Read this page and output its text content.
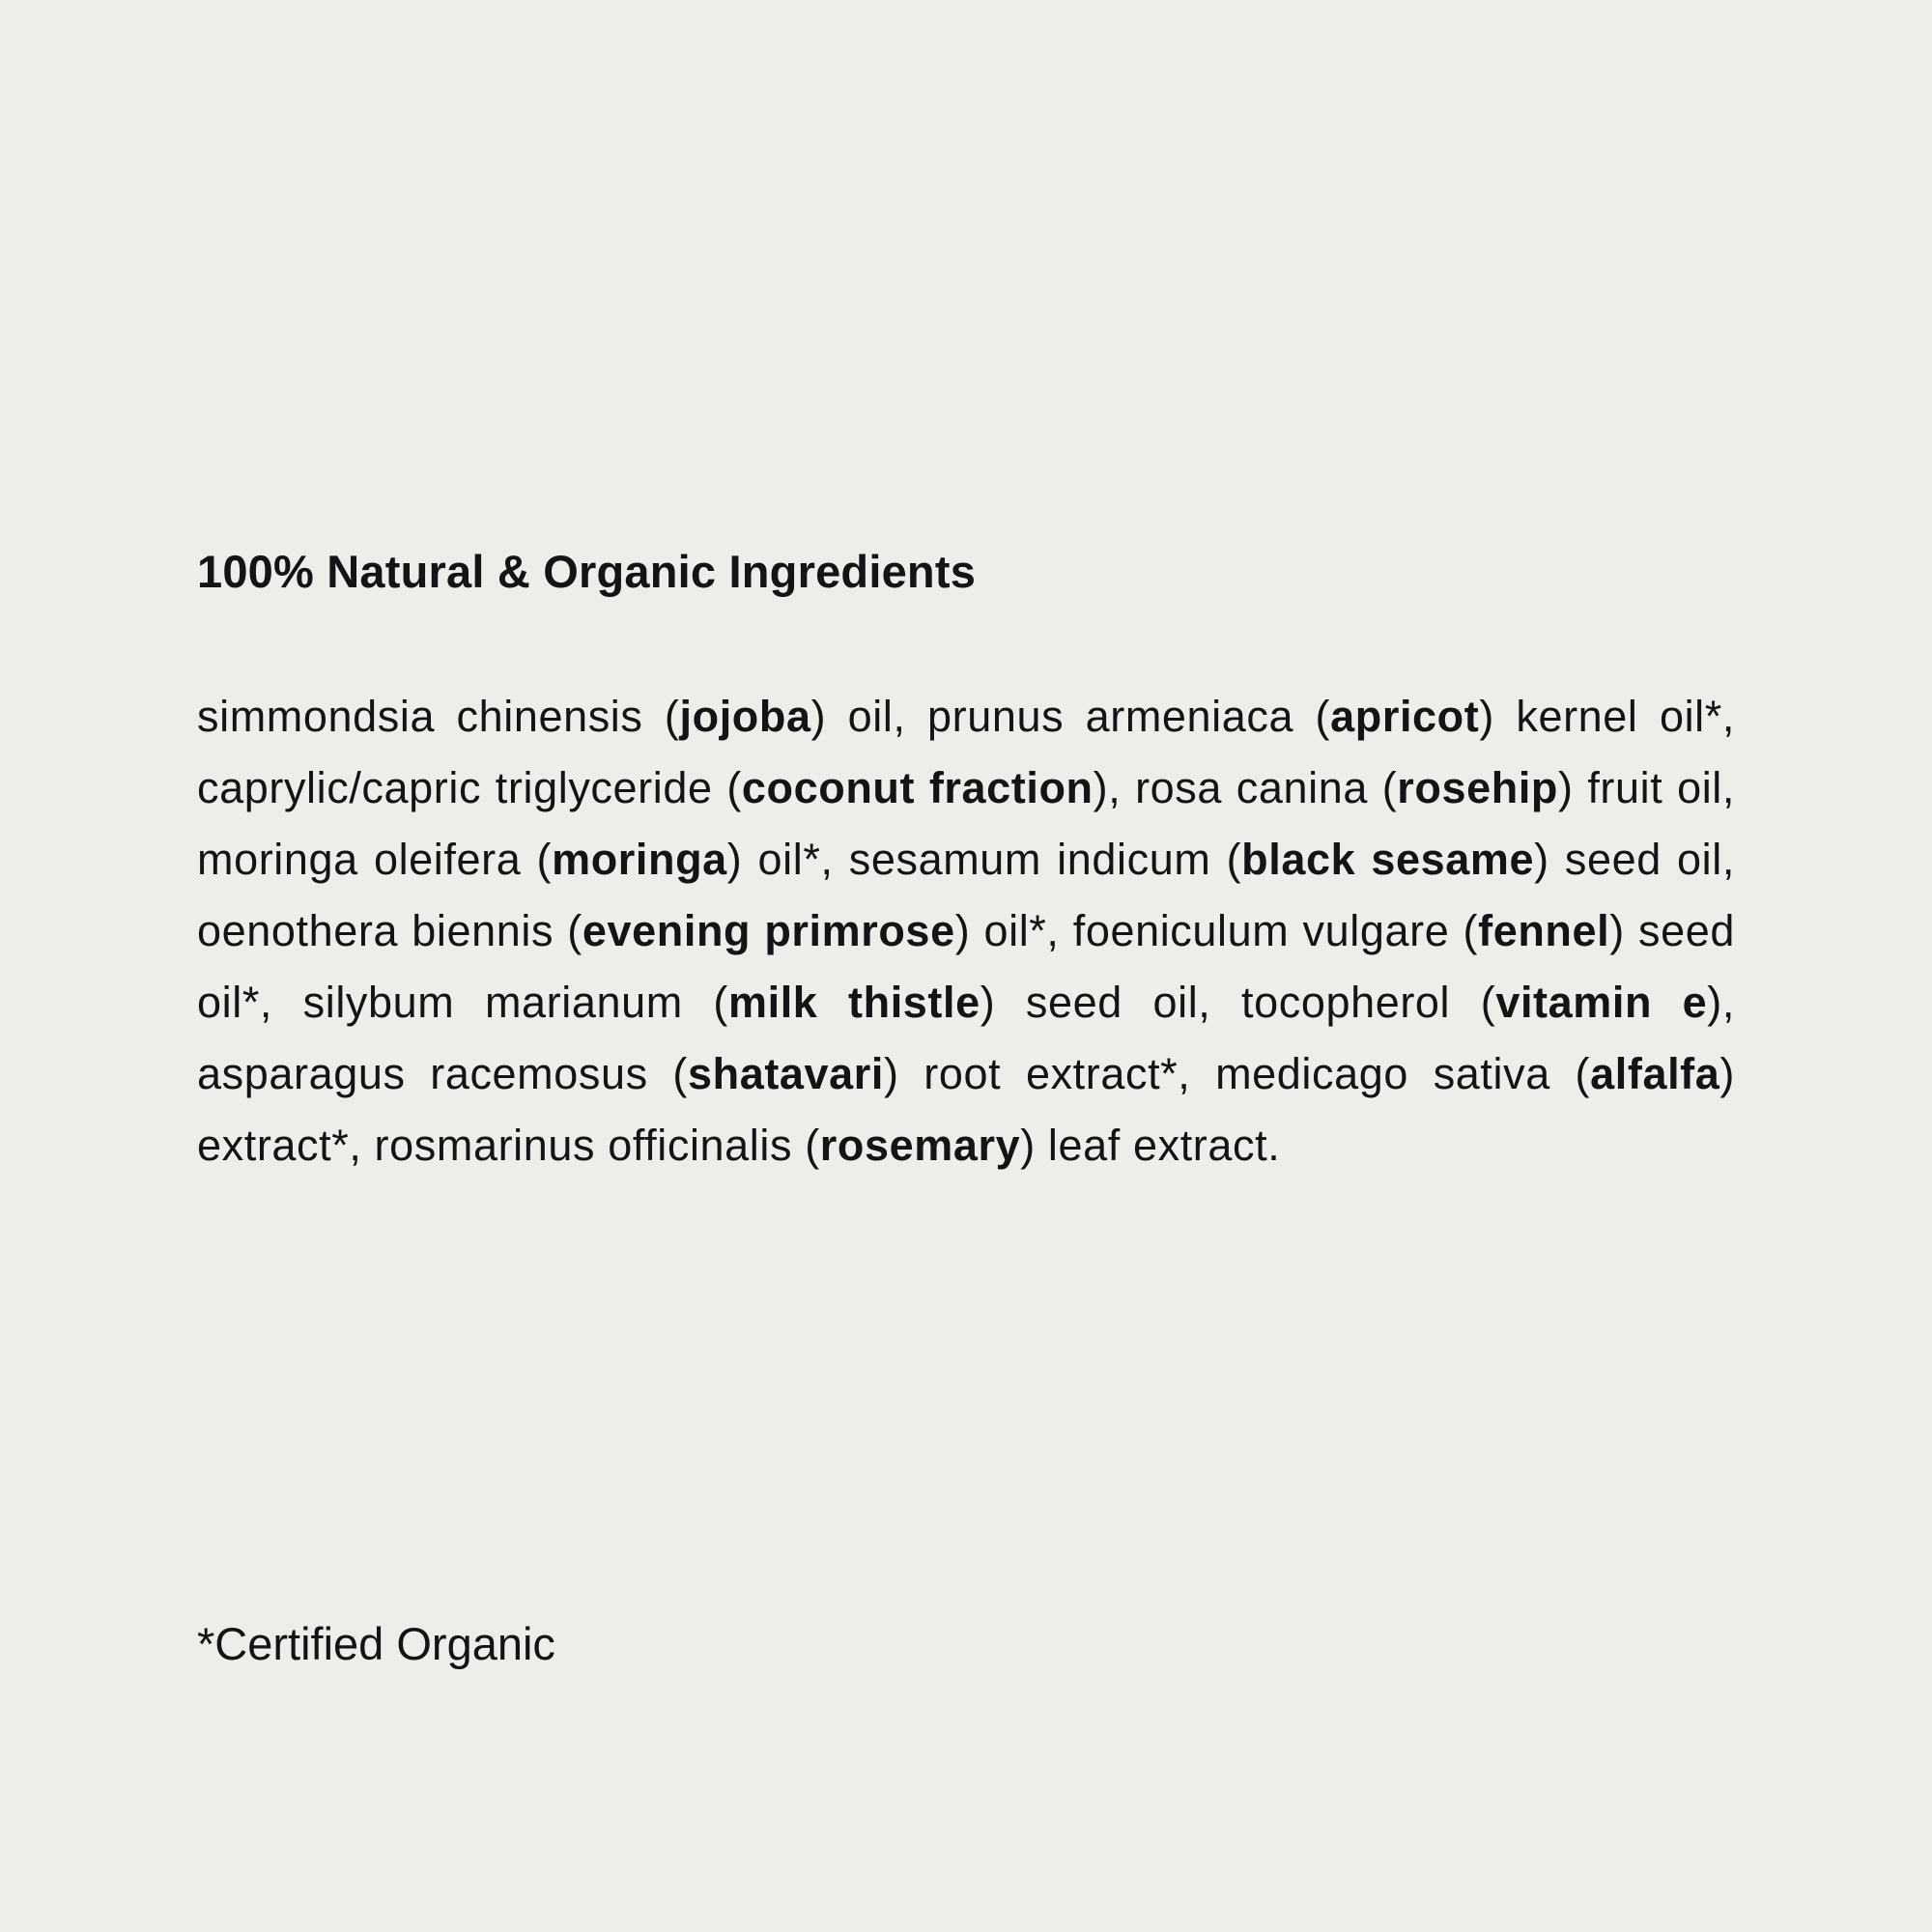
100% Natural & Organic Ingredients

simmondsia chinensis (jojoba) oil, prunus armeniaca (apricot) kernel oil*, caprylic/capric triglyceride (coconut fraction), rosa canina (rosehip) fruit oil, moringa oleifera (moringa) oil*, sesamum indicum (black sesame) seed oil, oenothera biennis (evening primrose) oil*, foeniculum vulgare (fennel) seed oil*, silybum marianum (milk thistle) seed oil, tocopherol (vitamin e), asparagus racemosus (shatavari) root extract*, medicago sativa (alfalfa) extract*, rosmarinus officinalis (rosemary) leaf extract.

*Certified Organic
